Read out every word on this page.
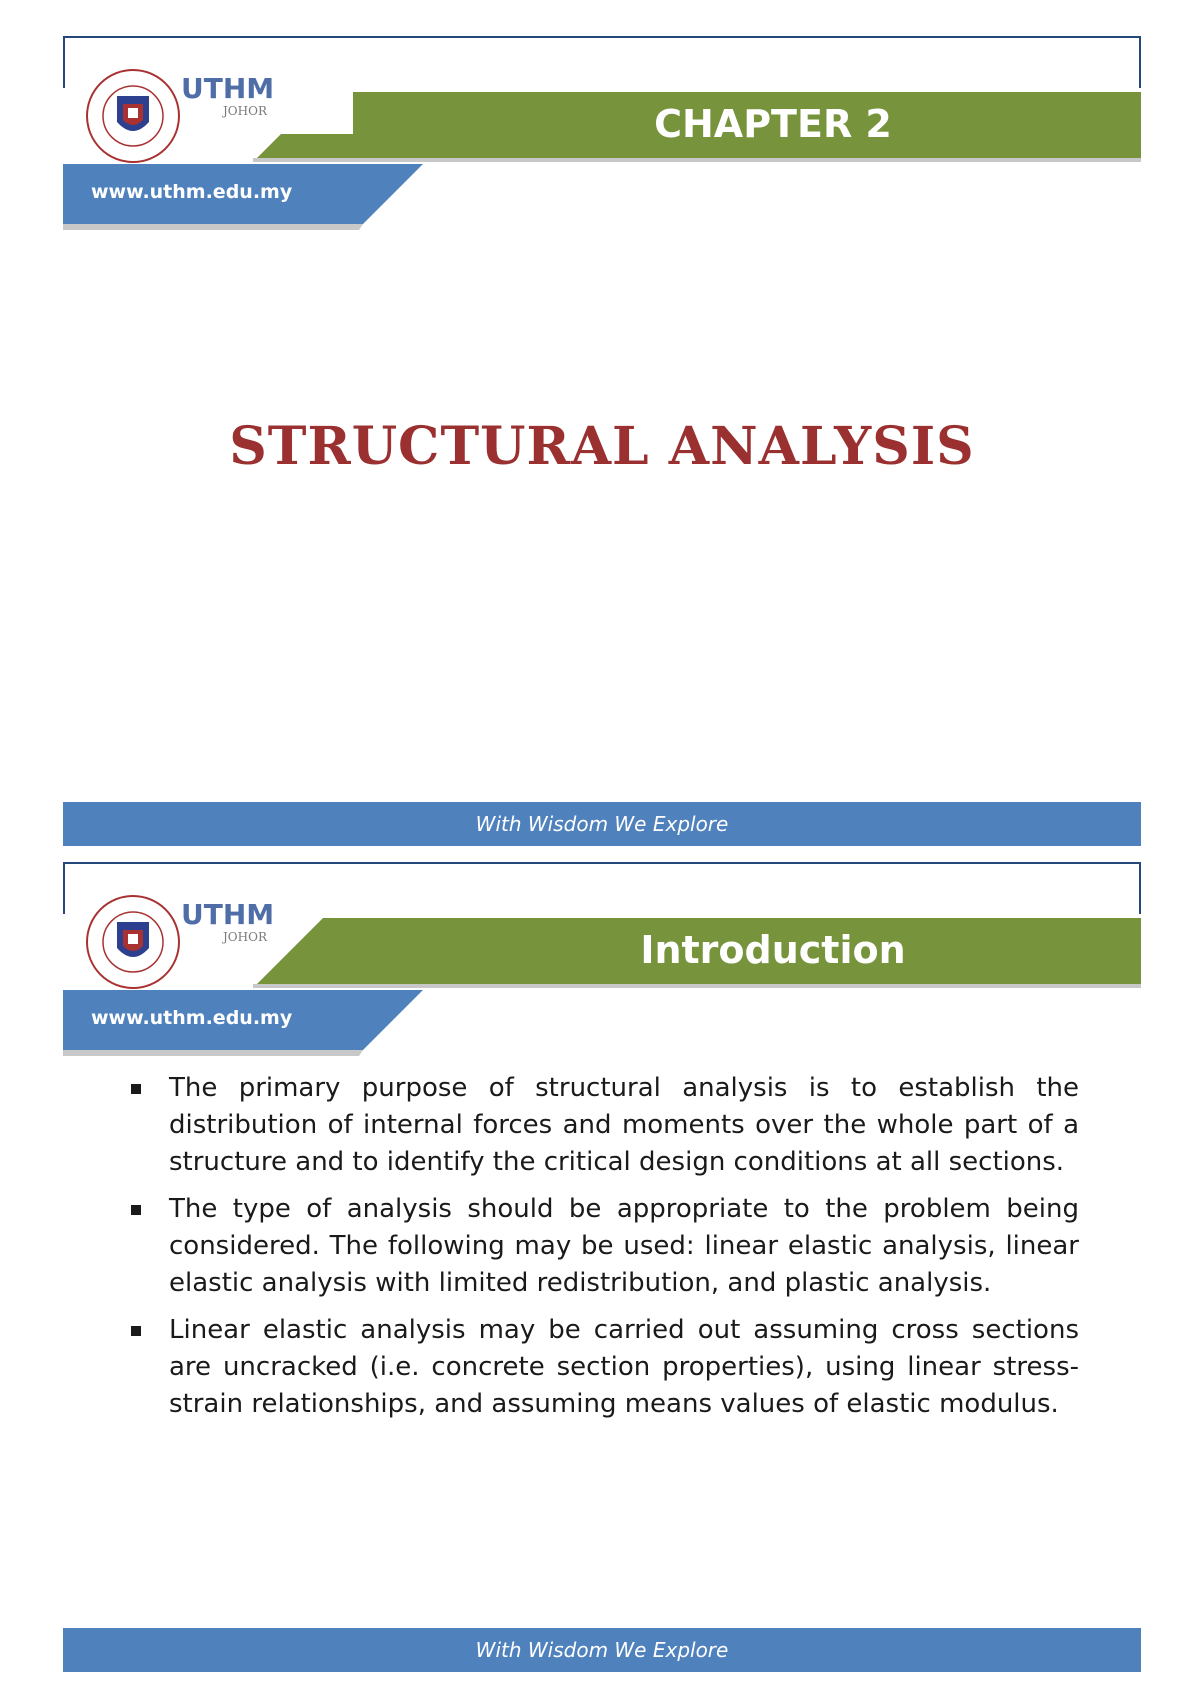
CHAPTER 2
www.uthm.edu.my
UTHM
JOHOR
STRUCTURAL ANALYSIS
With Wisdom We Explore
Introduction
www.uthm.edu.my
UTHM
JOHOR
The primary purpose of structural analysis is to establish the distribution of internal forces and moments over the whole part of a structure and to identify the critical design conditions at all sections.
The type of analysis should be appropriate to the problem being considered. The following may be used: linear elastic analysis, linear elastic analysis with limited redistribution, and plastic analysis.
Linear elastic analysis may be carried out assuming cross sections are uncracked (i.e. concrete section properties), using linear stress-strain relationships, and assuming means values of elastic modulus.
With Wisdom We Explore
